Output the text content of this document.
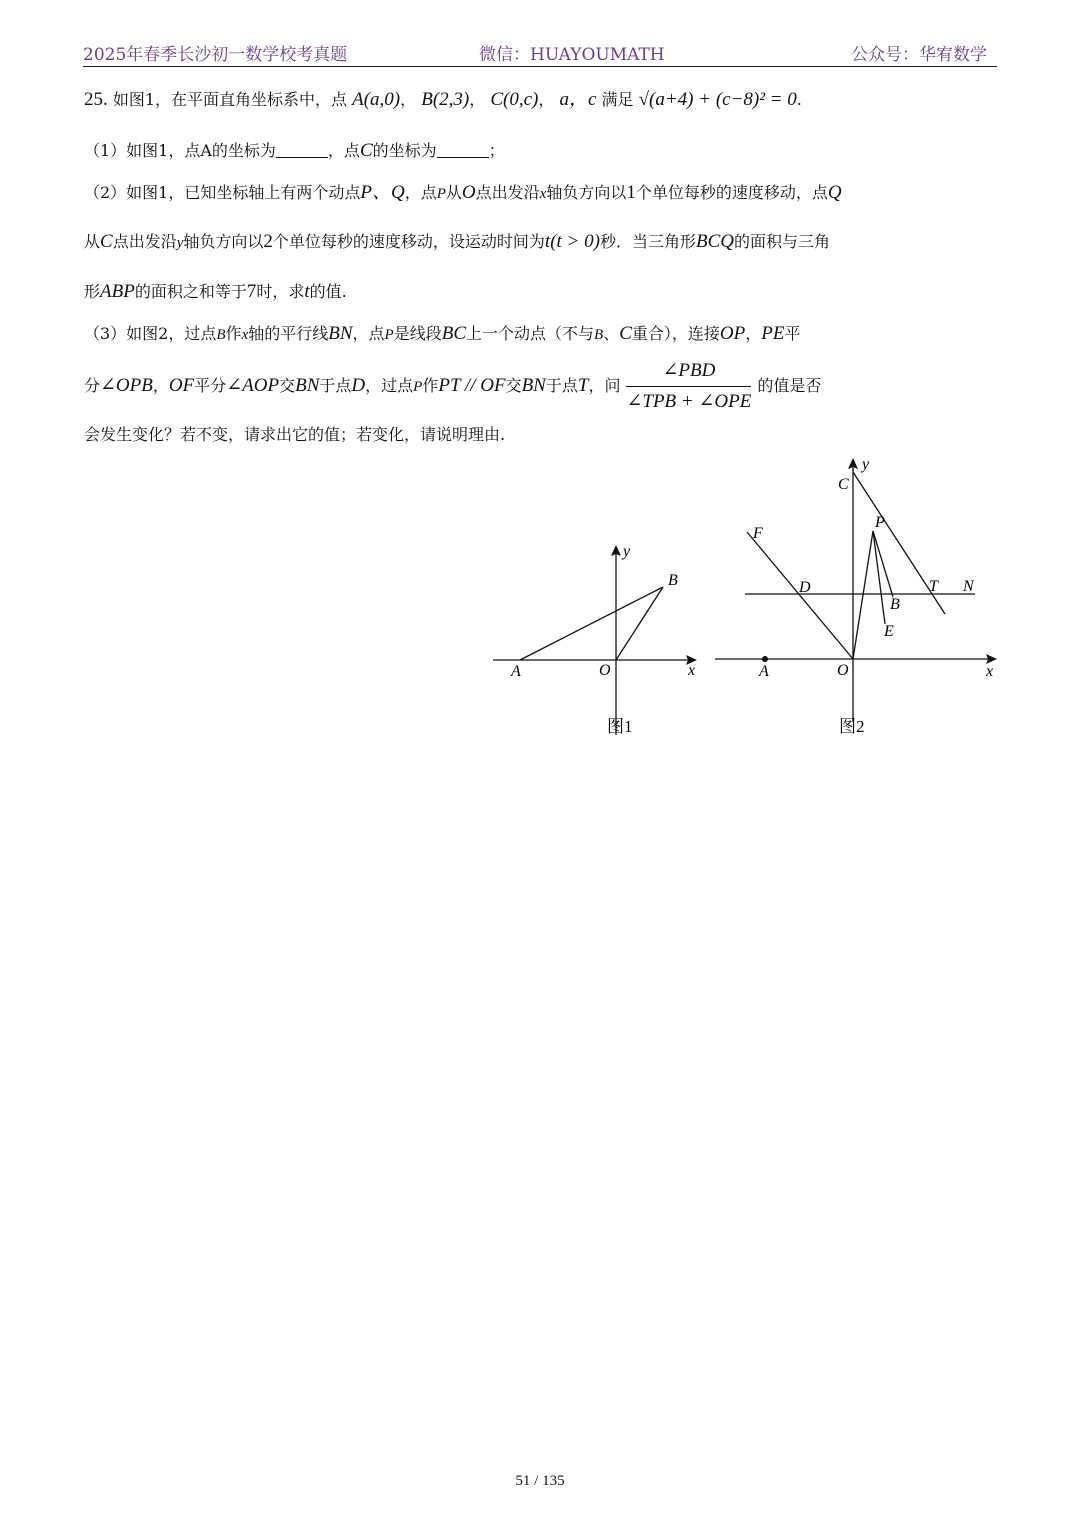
2025年春季长沙初一数学校考真题	微信：HUAYOUMATH	公众号：华宥数学
25. 如图1，在平面直角坐标系中，点 A(a,0)， B(2,3)， C(0,c)， a，c 满足 √(a+4) + (c−8)² = 0.
（1）如图1，点A的坐标为	，点C的坐标为	；
（2）如图1，已知坐标轴上有两个动点P、Q，点P从O点出发沿x轴负方向以1个单位每秒的速度移动，点Q
从C点出发沿y轴负方向以2个单位每秒的速度移动，设运动时间为t(t > 0)秒．当三角形BCQ的面积与三角
形ABP的面积之和等于7时，求t的值.
（3）如图2，过点B作x轴的平行线BN，点P是线段BC上一个动点（不与B、C重合），连接OP，PE平
分∠OPB，OF平分∠AOP交BN于点D，过点P作PT // OF交BN于点T，问 $\frac{\text{∠PBD}}{\text{∠TPB + ∠OPE}}$ 的值是否
会发生变化？若不变，请求出它的值；若变化，请说明理由.
y
B
A	O	x
图1
y
C
P
F
D	T N
B
E
A	O	x
图2
51 / 135
